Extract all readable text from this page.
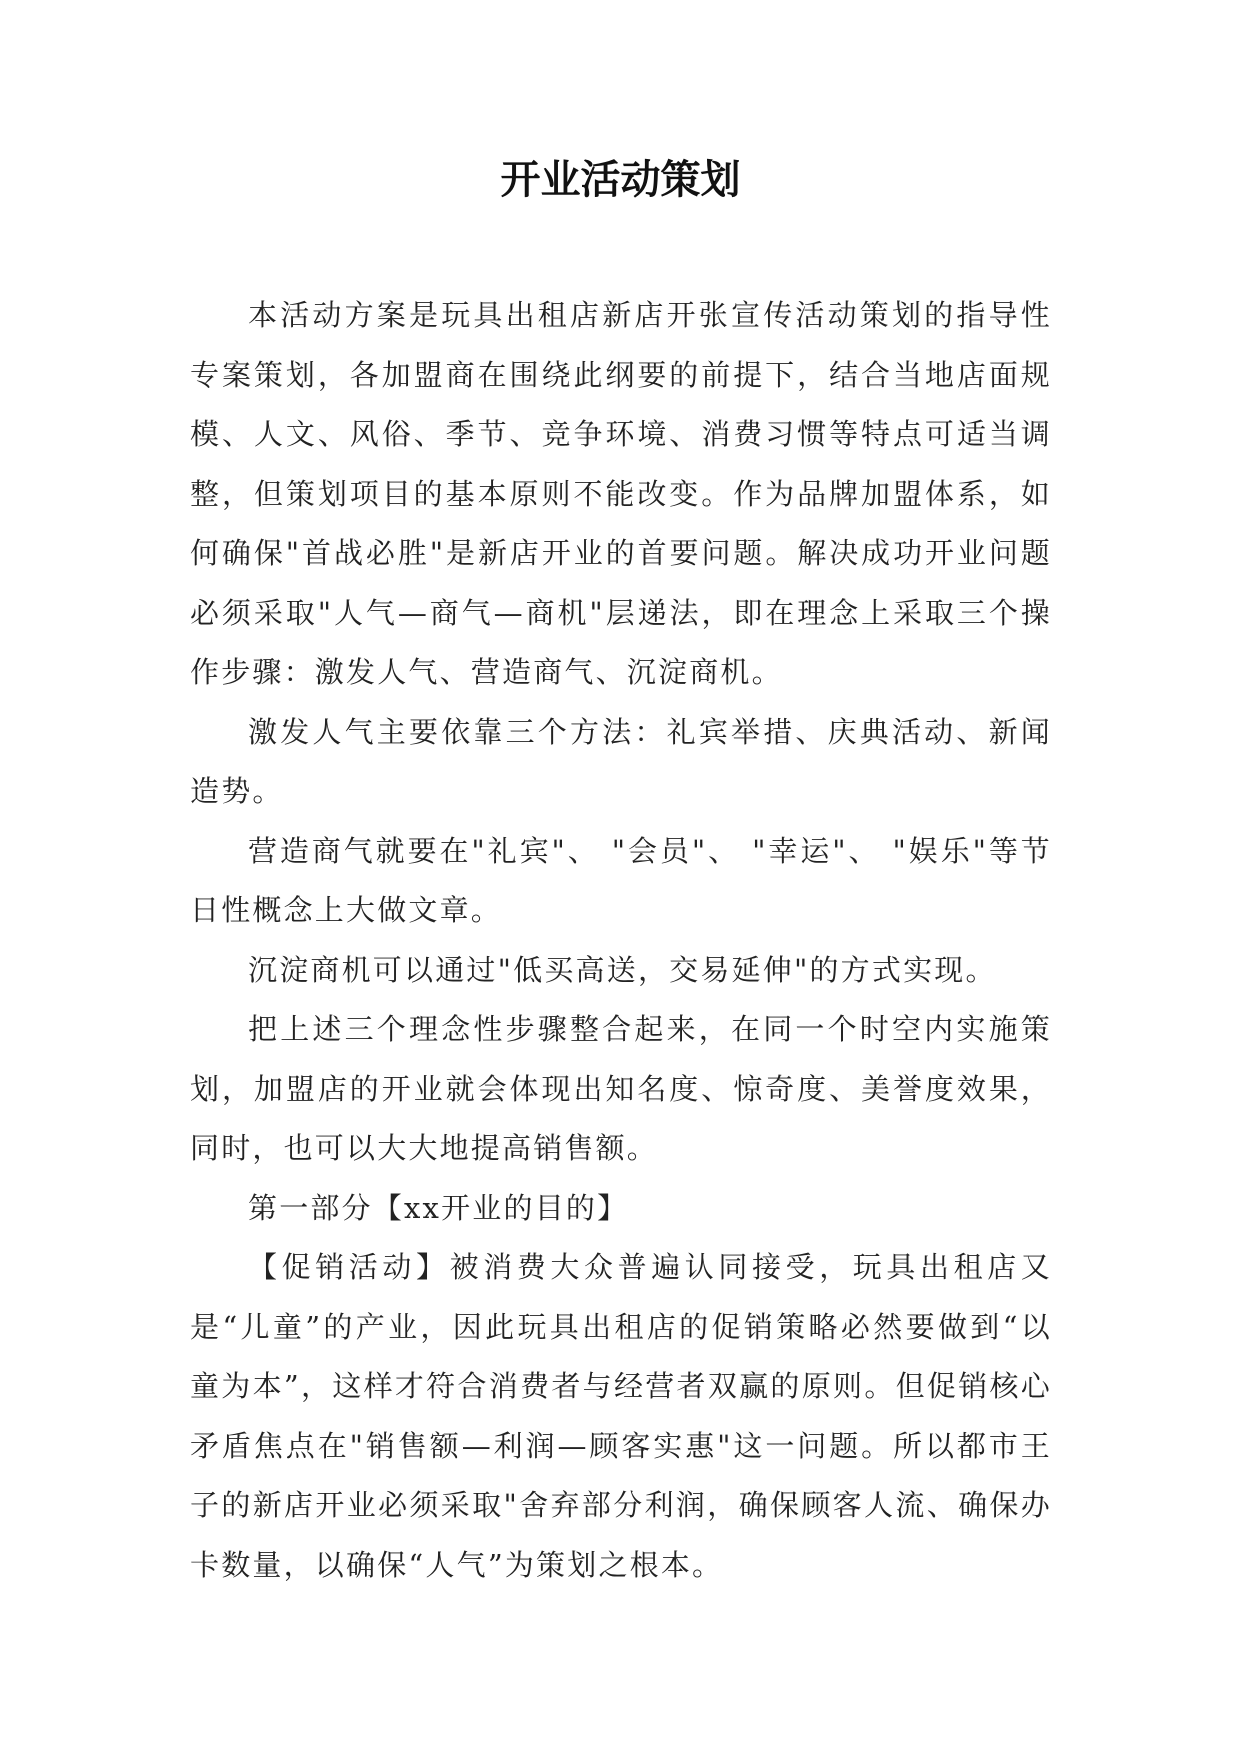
开业活动策划

本活动方案是玩具出租店新店开张宣传活动策划的指导性专案策划，各加盟商在围绕此纲要的前提下，结合当地店面规模、人文、风俗、季节、竞争环境、消费习惯等特点可适当调整，但策划项目的基本原则不能改变。作为品牌加盟体系，如何确保"首战必胜"是新店开业的首要问题。解决成功开业问题必须采取"人气—商气—商机"层递法，即在理念上采取三个操作步骤：激发人气、营造商气、沉淀商机。

激发人气主要依靠三个方法：礼宾举措、庆典活动、新闻造势。

营造商气就要在"礼宾"、 "会员"、 "幸运"、 "娱乐"等节日性概念上大做文章。

沉淀商机可以通过"低买高送，交易延伸"的方式实现。

把上述三个理念性步骤整合起来，在同一个时空内实施策划，加盟店的开业就会体现出知名度、惊奇度、美誉度效果，同时，也可以大大地提高销售额。

第一部分【xx开业的目的】

【促销活动】被消费大众普遍认同接受，玩具出租店又是“儿童”的产业，因此玩具出租店的促销策略必然要做到“以童为本”，这样才符合消费者与经营者双赢的原则。但促销核心矛盾焦点在"销售额—利润—顾客实惠"这一问题。所以都市王子的新店开业必须采取"舍弃部分利润，确保顾客人流、确保办卡数量，以确保“人气”为策划之根本。
